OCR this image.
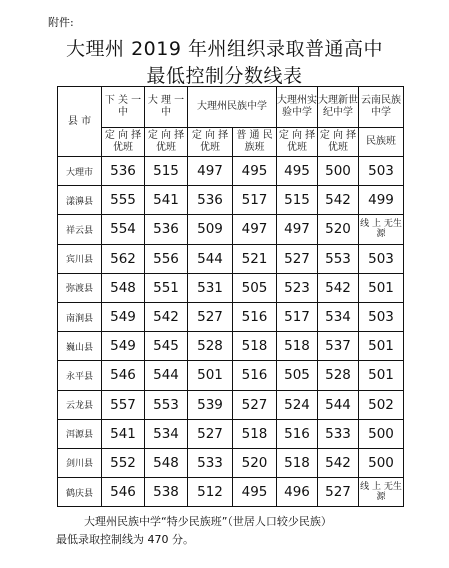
附件:
大理州 2019 年州组织录取普通高中
最低控制分数线表
县 市	下 关 一 中	大 理 一 中	大理州民族中学		大理州实验中学	大理新世纪中学	云南民族中学
	定 向 择优班	定 向 择优班	定 向 择优班	普 通 民族班	定 向 择优班	定 向 择优班	民族班
大理市	536	515	497	495	495	500	503
漾濞县	555	541	536	517	515	542	499
祥云县	554	536	509	497	497	520	线 上 无生源
宾川县	562	556	544	521	527	553	503
弥渡县	548	551	531	505	523	542	501
南涧县	549	542	527	516	517	534	503
巍山县	549	545	528	518	518	537	501
永平县	546	544	501	516	505	528	501
云龙县	557	553	539	527	524	544	502
洱源县	541	534	527	518	516	533	500
剑川县	552	548	533	520	518	542	500
鹤庆县	546	538	512	495	496	527	线 上 无生源
大理州民族中学“特少民族班”（世居人口较少民族）
最低录取控制线为 470 分。
